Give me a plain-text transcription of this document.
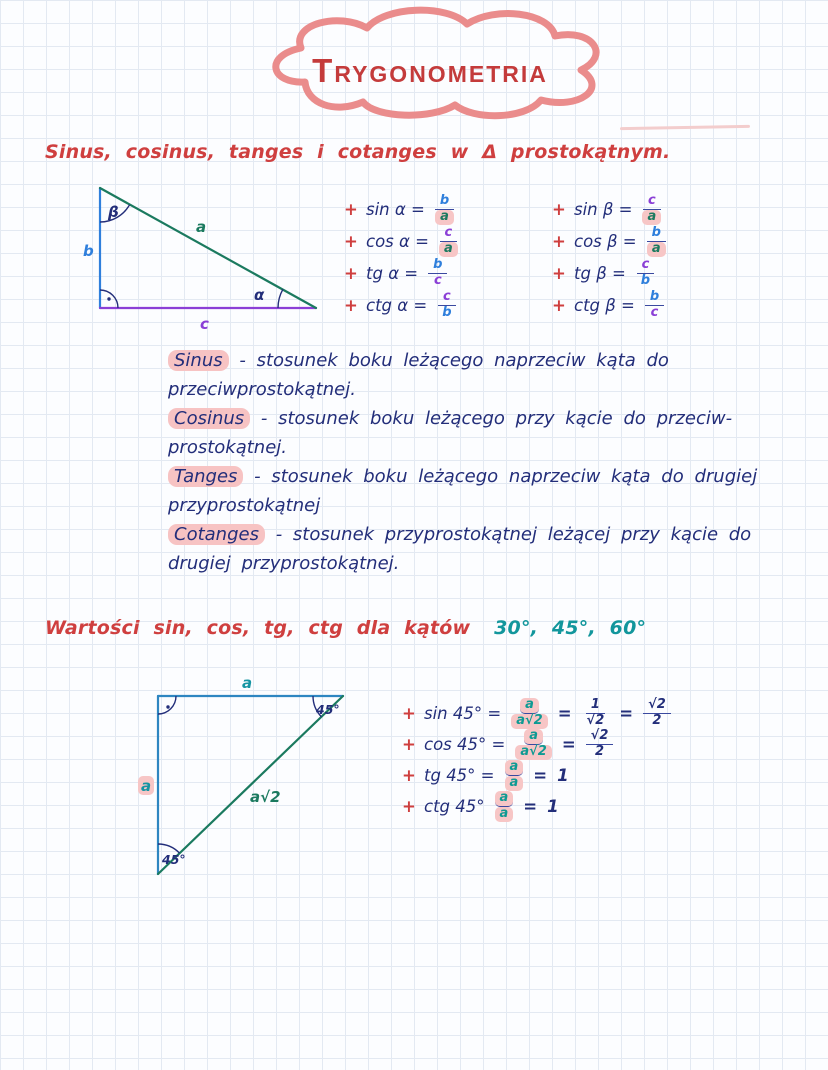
TRYGONOMETRIA
Sinus, cosinus, tanges i cotanges w Δ prostokątnym.
β
α
b
a
c
+ $\sin \alpha = \frac{b}{a}$
+ $\cos \alpha = \frac{c}{a}$
+ tg $\alpha = \frac{b}{c}$
+ ctg $\alpha = \frac{c}{b}$
+ $\sin \beta = \frac{c}{a}$
+ $\cos \beta = \frac{b}{a}$
+ tg $\beta = \frac{c}{b}$
+ ctg $\beta = \frac{b}{c}$

Sinus - stosunek boku leżącego naprzeciw kąta do przeciwprostokątnej.

Cosinus - stosunek boku leżącego przy kącie do przeciw- prostokątnej.

Tanges - stosunek boku leżącego naprzeciw kąta do drugiej przyprostokątnej

Cotanges - stosunek przyprostokątnej leżącej przy kącie do drugiej przyprostokątnej.

Wartości sin, cos, tg, ctg dla kątów 30°, 45°, 60°
a
a
a√2
45°
45°
+ $\sin 45^\circ = \frac{a}{a√2} = \frac{1}{√2} = \frac{√2}{2}$
+ $\cos 45^\circ = \frac{a}{a√2} = \frac{√2}{2}$
+ tg $45^\circ = \frac{a}{a} = 1$
+ ctg $45^\circ \frac{a}{a} = 1$
